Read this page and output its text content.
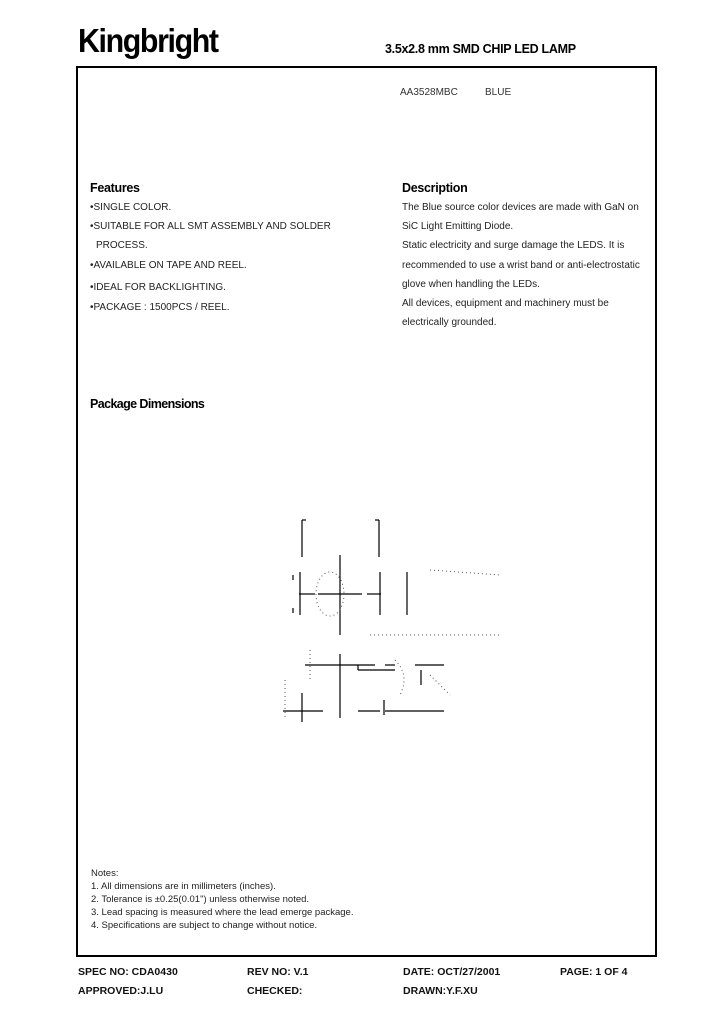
Kingbright	3.5x2.8 mm SMD CHIP LED LAMP
AA3528MBC	BLUE
Features
•SINGLE COLOR.
•SUITABLE FOR ALL SMT ASSEMBLY AND SOLDER
PROCESS.
•AVAILABLE ON TAPE AND REEL.
•IDEAL FOR BACKLIGHTING.
•PACKAGE : 1500PCS / REEL.
Description
The Blue source color devices are made with GaN on
SiC Light Emitting Diode.
Static electricity and surge damage the LEDS. It is
recommended to use a wrist band or anti-electrostatic
glove when handling the LEDs.
All devices, equipment and machinery must be
electrically grounded.
Package Dimensions
Notes:
1. All dimensions are in millimeters (inches).
2. Tolerance is ±0.25(0.01") unless otherwise noted.
3. Lead spacing is measured where the lead emerge package.
4. Specifications are subject to change without notice.
SPEC NO: CDA0430	REV NO: V.1	DATE: OCT/27/2001	PAGE: 1 OF 4
APPROVED:J.LU	CHECKED:	DRAWN:Y.F.XU
